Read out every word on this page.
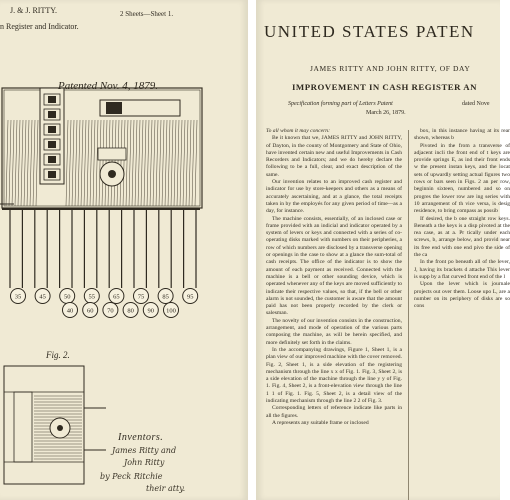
J. & J. RITTY.	2 Sheets—Sheet 1.
n Register and Indicator.
35	45	50	55	65	75	85	95
40 60 70 80 90 100
Patented Nov. 4, 1879.
Fig. 2.
Inventors.
James Ritty and
John Ritty
by Peck Ritchie
their atty.
UNITED STATES PATEN
JAMES RITTY AND JOHN RITTY, OF DAY
IMPROVEMENT IN CASH REGISTER AN
Specification forming part of Letters Patent	dated Nove
March 26, 1879.

To all whom it may concern:

Be it known that we, JAMES RITTY and JOHN RITTY, of Dayton, in the county of Montgomery and State of Ohio, have invented certain new and useful Improvements in Cash Recorders and Indicators; and we do hereby declare the following to be a full, clear, and exact description of the same.

Our invention relates to an improved cash register and indicator for use by store-keepers and others as a means of accurately ascertaining, and at a glance, the total receipts taken in by the employés for any given period of time—as a day, for instance.

The machine consists, essentially, of an inclosed case or frame provided with an indicial and indicator operated by a system of levers or keys and connected with a series of co-operating disks marked with numbers on their peripheries, a row of which numbers are disclosed by a transverse opening or openings in the case to show at a glance the sum-total of cash receipts. The office of the indicator is to show the amount of each payment as received. Connected with the machine is a bell or other sounding device, which is operated whenever any of the keys are moved sufficiently to indicate their respective values, so that, if the bell or other alarm is not sounded, the customer is aware that the amount paid has not been properly recorded by the clerk or salesman.

The novelty of our invention consists in the construction, arrangement, and mode of operation of the various parts composing the machine, as will be herein specified, and more definitely set forth in the claims.

In the accompanying drawings, Figure 1, Sheet 1, is a plan view of our improved machine with the cover removed. Fig. 2, Sheet 1, is a side elevation of the registering mechanism through the line x x of Fig. 1. Fig. 3, Sheet 2, is a side elevation of the machine through the line y y of Fig. 1. Fig. 4, Sheet 2, is a front-elevation view through the line 1 1 of Fig. 1. Fig. 5, Sheet 2, is a detail view of the indicating mechanism through the line 2 2 of Fig. 3.

Corresponding letters of reference indicate like parts in all the figures.

A represents any suitable frame or inclosed

box, in this instance having at its rear shown, whereas b

Pivoted in the from a transverse of adjacent incli the front end of t keys are provide springs E, as ind their front ends w the present instan keys, and the locat sets of upwardly setting actual figures two rows or bars seen in Figs. 2 an per row, beginnin sixteen, numbered and so on progres the lower row are ing series with 10 arrangement of th vice versa, is desig residence, to bring compass as possib

If desired, the b one straight row keys. Beneath a the keys is a disp pivoted at the rea case, as at a. Pr tically under each screws, b, arrange below, and provid near its free end with one end pivo the side of the ca

In the front po beneath all of the lever, J, having its brackets d attache This lever is supp by a flat curved front end of the l

Upon the lever which is journale projects out over them. Loose upo L, are a number on its periphery of disks are so cons
